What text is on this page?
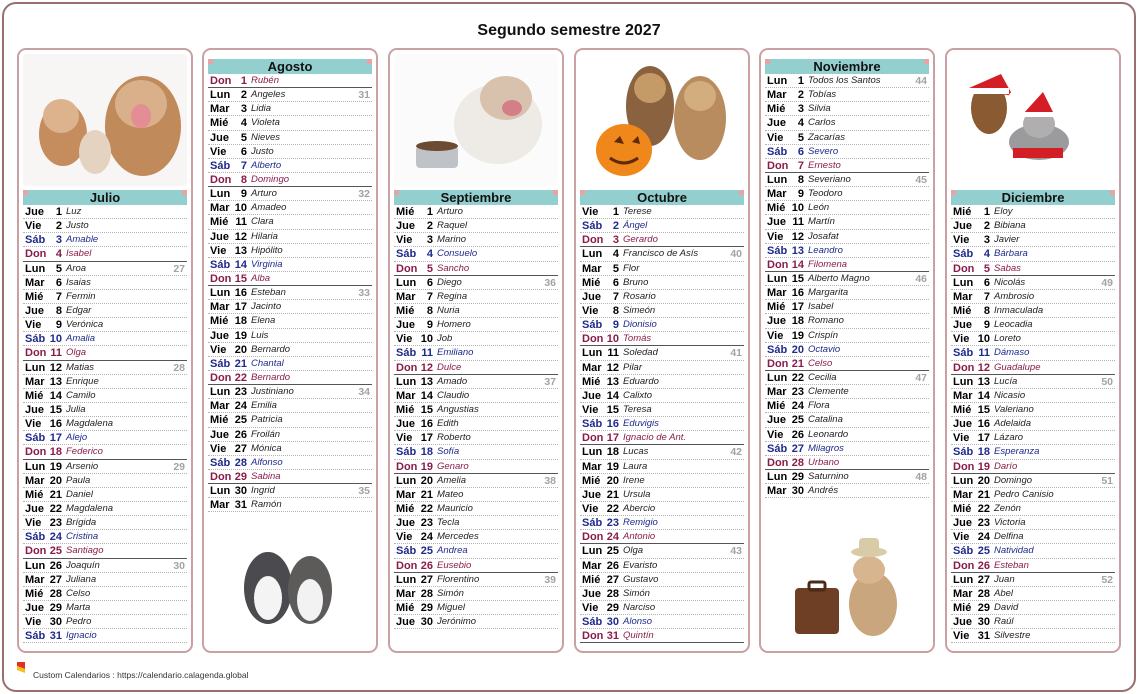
Segundo semestre 2027
Julio
Jue	1 Luz
Vie	2 Justo
Sáb 3 Amable
Don 4 Isabel
Lun 5 Aroa	27
Mar	6 Isaias
Mié	7 Fermin
Jue	8 Edgar
Vie	9 Verónica
Sáb 10 Amalia
Don 11 Olga
Lun 12 Matias	28
Mar 13 Enrique
Mié 14 Camilo
Jue 15 Julia
Vie 16 Magdalena
Sáb 17 Alejo
Don 18 Federico
Lun 19 Arsenio	29
Mar 20 Paula
Mié 21 Daniel
Jue 22 Magdalena
Vie 23 Brígida
Sáb 24 Cristina
Don 25 Santiago
Lun 26 Joaquín	30
Mar 27 Juliana
Mié 28 Celso
Jue 29 Marta
Vie 30 Pedro
Sáb 31 Ignacio
Agosto
Don 1 Rubén
Lun 2 Angeles	31
Mar	3 Lidia
Mié	4 Violeta
Jue	5 Nieves
Vie	6 Justo
Sáb 7 Alberto
Don 8 Domingo
Lun 9 Arturo	32
Mar 10 Amadeo
Mié 11 Clara
Jue 12 Hilaria
Vie 13 Hipólito
Sáb 14 Virginia
Don 15 Alba
Lun 16 Esteban	33
Mar 17 Jacinto
Mié 18 Elena
Jue 19 Luis
Vie 20 Bernardo
Sáb 21 Chantal
Don 22 Bernardo
Lun 23 Justiniano	34
Mar 24 Emilia
Mié 25 Patricia
Jue 26 Froilán
Vie 27 Mónica
Sáb 28 Alfonso
Don 29 Sabina
Lun 30 Ingrid	35
Mar 31 Ramón
Septiembre
Mié	1 Arturo
Jue	2 Raquel
Vie	3 Marino
Sáb 4 Consuelo
Don 5 Sancho
Lun 6 Diego	36
Mar	7 Regina
Mié	8 Nuria
Jue	9 Homero
Vie 10 Job
Sáb 11 Emiliano
Don 12 Dulce
Lun 13 Amado	37
Mar 14 Claudio
Mié 15 Angustias
Jue 16 Edith
Vie 17 Roberto
Sáb 18 Sofía
Don 19 Genaro
Lun 20 Amelia	38
Mar 21 Mateo
Mié 22 Mauricio
Jue 23 Tecla
Vie 24 Mercedes
Sáb 25 Andrea
Don 26 Eusebio
Lun 27 Florentino	39
Mar 28 Simón
Mié 29 Miguel
Jue 30 Jerónimo
Octubre
Vie	1 Terese
Sáb 2 Ángel
Don 3 Gerardo
Lun 4 Francisco de Asís	40
Mar	5 Flor
Mié	6 Bruno
Jue	7 Rosario
Vie	8 Simeón
Sáb 9 Dionisio
Don 10 Tomás
Lun 11 Soledad	41
Mar 12 Pilar
Mié 13 Eduardo
Jue 14 Calixto
Vie 15 Teresa
Sáb 16 Eduvigis
Don 17 Ignacio de Ant.
Lun 18 Lucas	42
Mar 19 Laura
Mié 20 Irene
Jue 21 Ursula
Vie 22 Abercio
Sáb 23 Remigio
Don 24 Antonio
Lun 25 Olga	43
Mar 26 Evaristo
Mié 27 Gustavo
Jue 28 Simón
Vie 29 Narciso
Sáb 30 Alonso
Don 31 Quintín
Noviembre
Lun 1 Todos los Santos	44
Mar	2 Tobías
Mié	3 Silvia
Jue	4 Carlos
Vie	5 Zacarías
Sáb 6 Severo
Don 7 Ernesto
Lun 8 Severiano	45
Mar	9 Teodoro
Mié 10 León
Jue 11 Martín
Vie 12 Josafat
Sáb 13 Leandro
Don 14 Filomena
Lun 15 Alberto Magno	46
Mar 16 Margarita
Mié 17 Isabel
Jue 18 Romano
Vie 19 Crispín
Sáb 20 Octavio
Don 21 Celso
Lun 22 Cecilia	47
Mar 23 Clemente
Mié 24 Flora
Jue 25 Catalina
Vie 26 Leonardo
Sáb 27 Milagros
Don 28 Urbano
Lun 29 Saturnino	48
Mar 30 Andrés
Diciembre
Mié	1 Eloy
Jue	2 Bibiana
Vie	3 Javier
Sáb 4 Bárbara
Don 5 Sabas
Lun 6 Nicolás	49
Mar	7 Ambrosio
Mié	8 Inmaculada
Jue	9 Leocadia
Vie 10 Loreto
Sáb 11 Dámaso
Don 12 Guadalupe
Lun 13 Lucía	50
Mar 14 Nicasio
Mié 15 Valeriano
Jue 16 Adelaida
Vie 17 Lázaro
Sáb 18 Esperanza
Don 19 Darío
Lun 20 Domingo	51
Mar 21 Pedro Canisio
Mié 22 Zenón
Jue 23 Victoria
Vie 24 Delfina
Sáb 25 Natividad
Don 26 Esteban
Lun 27 Juan	52
Mar 28 Abel
Mié 29 David
Jue 30 Raúl
Vie 31 Silvestre
Custom Calendarios : https://calendario.calagenda.global
